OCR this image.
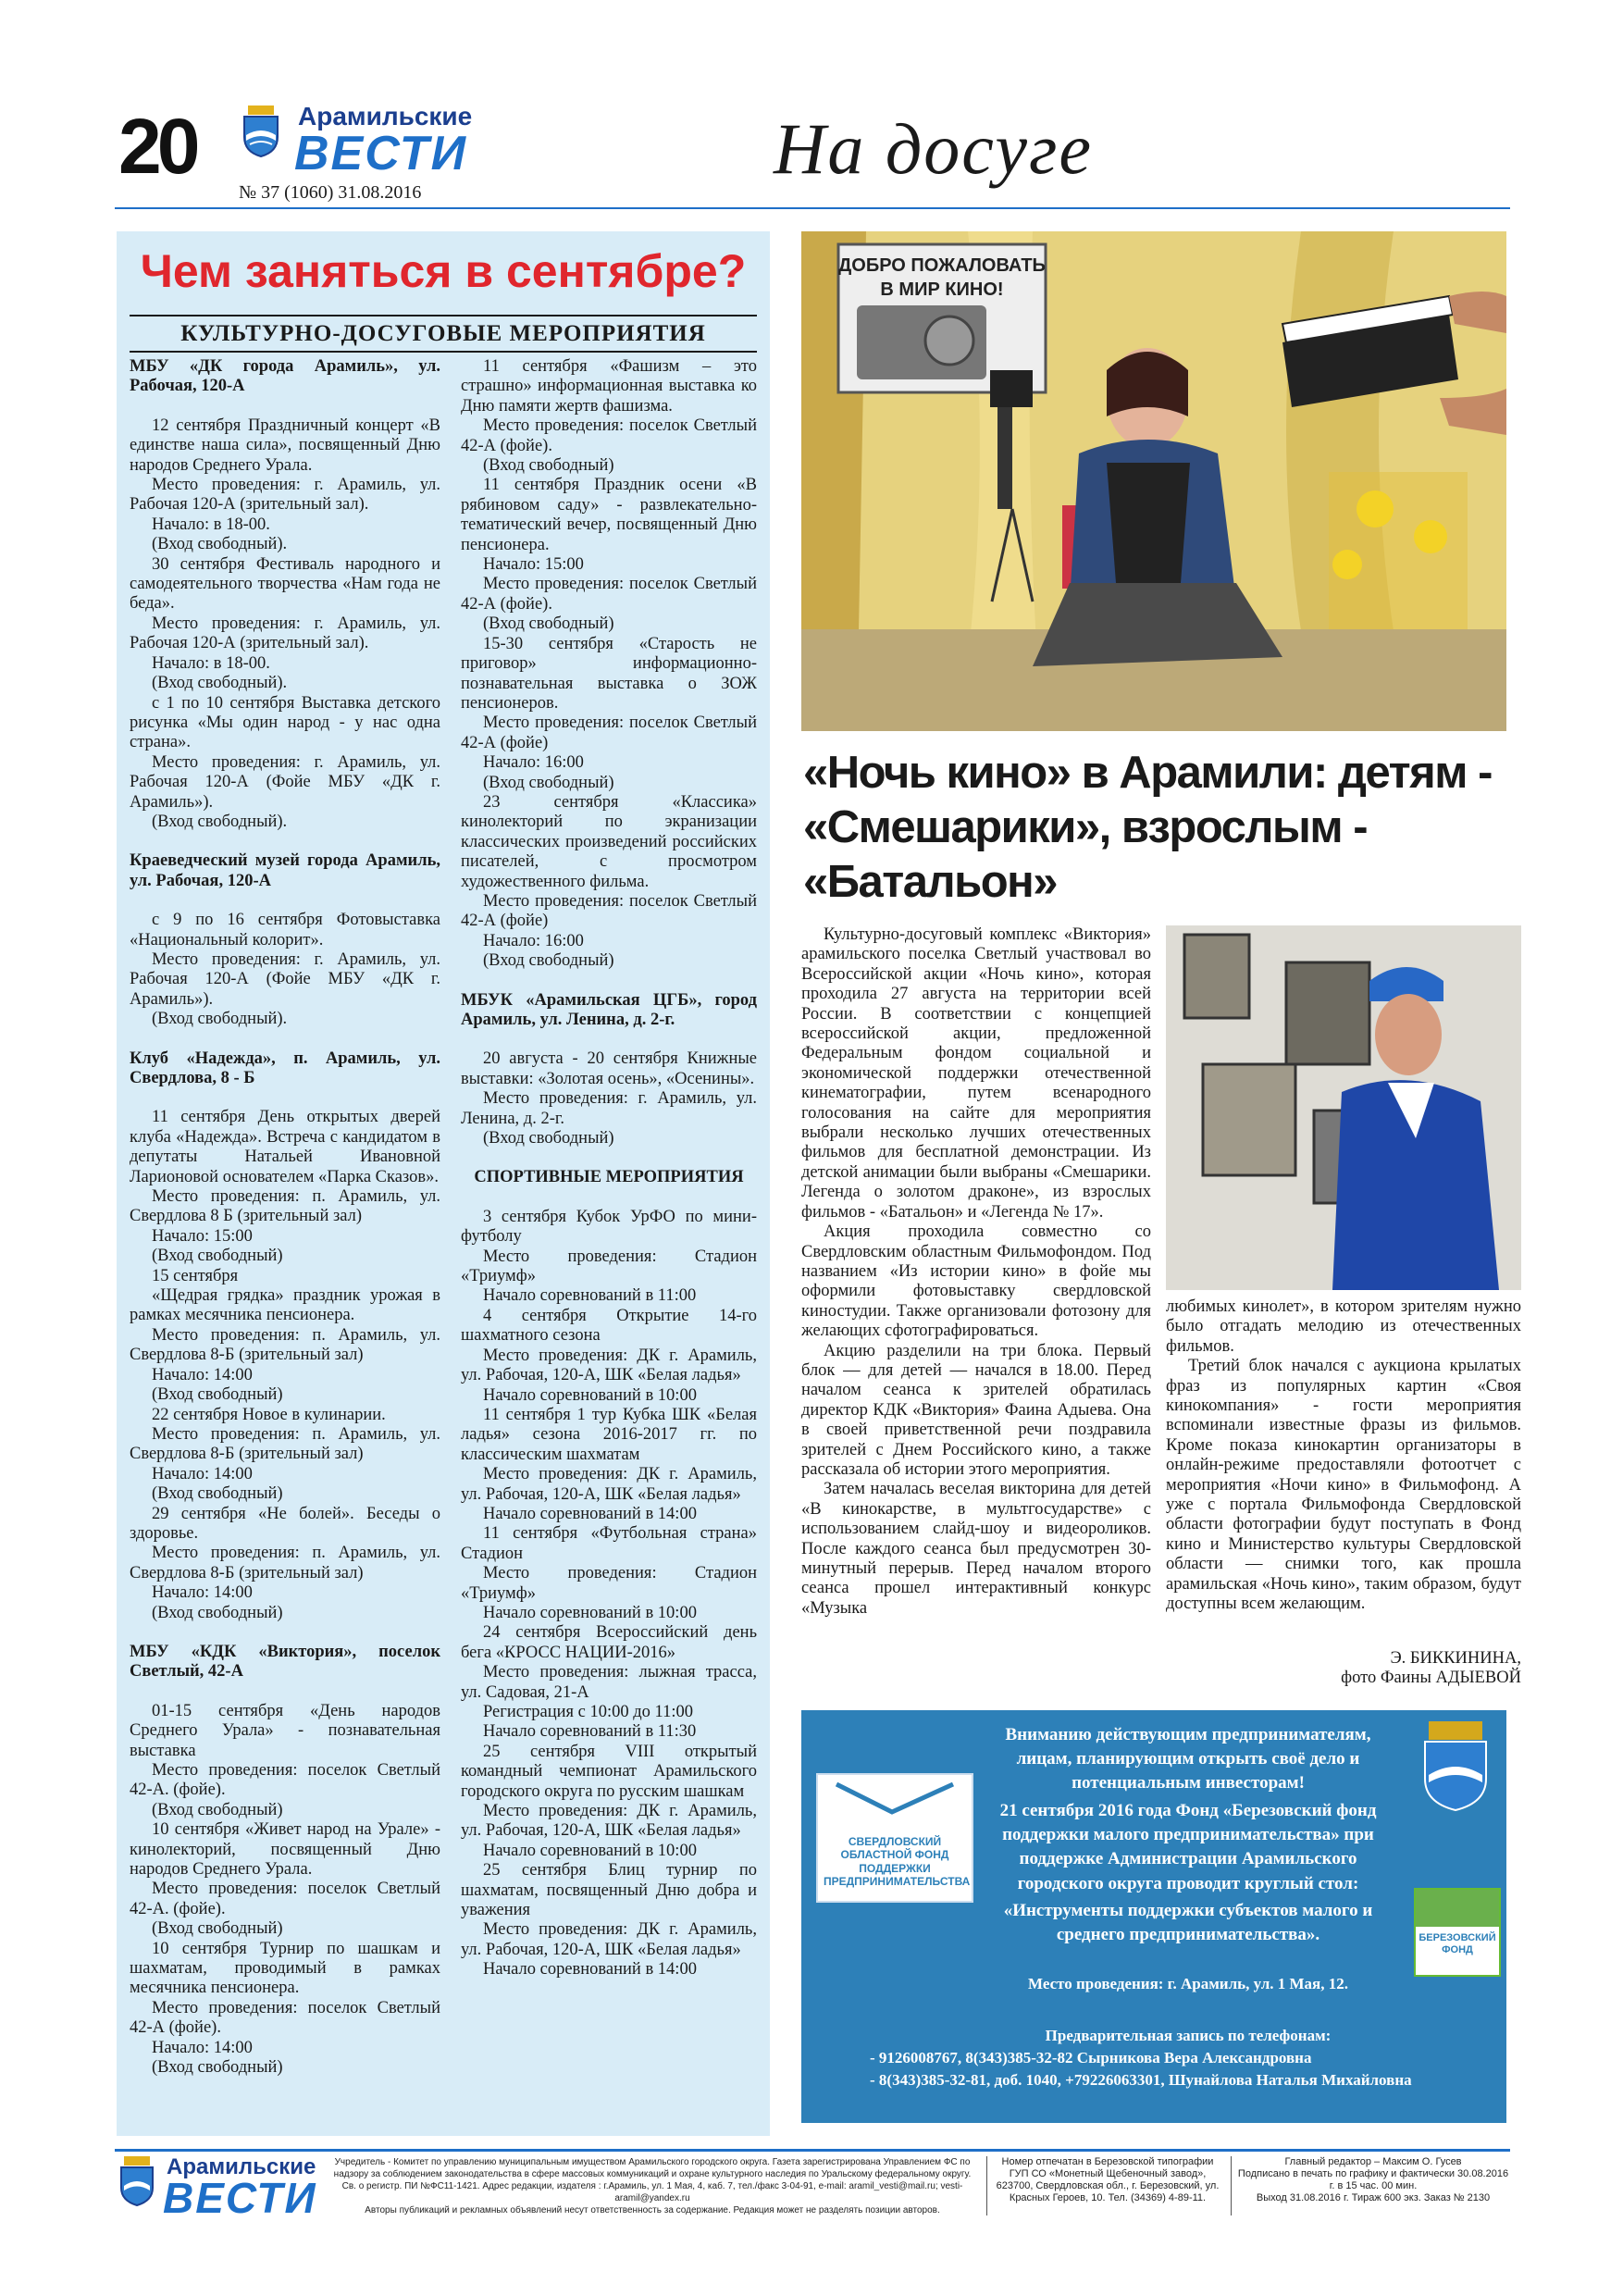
20	Арамильские
ВЕСТИ
№ 37 (1060) 31.08.2016
На досуге
Чем заняться в сентябре?
КУЛЬТУРНО-ДОСУГОВЫЕ МЕРОПРИЯТИЯ

МБУ «ДК города Арамиль», ул. Рабочая, 120-А

12 сентября Праздничный концерт «В единстве наша сила», посвященный Дню народов Среднего Урала.

Место проведения: г. Арамиль, ул. Рабочая 120-А (зрительный зал).

Начало: в 18-00.

(Вход свободный).

30 сентября Фестиваль народного и самодеятельного творчества «Нам года не беда».

Место проведения: г. Арамиль, ул. Рабочая 120-А (зрительный зал).

Начало: в 18-00.

(Вход свободный).

с 1 по 10 сентября Выставка детского рисунка «Мы один народ - у нас одна страна».

Место проведения: г. Арамиль, ул. Рабочая 120-А (Фойе МБУ «ДК г. Арамиль»).

(Вход свободный).

Краеведческий музей города Арамиль, ул. Рабочая, 120-А

с 9 по 16 сентября Фотовыставка «Национальный колорит».

Место проведения: г. Арамиль, ул. Рабочая 120-А (Фойе МБУ «ДК г. Арамиль»).

(Вход свободный).

Клуб «Надежда», п. Арамиль, ул. Свердлова, 8 - Б

11 сентября День открытых дверей клуба «Надежда». Встреча с кандидатом в депутаты Натальей Ивановной Ларионовой основателем «Парка Сказов».

Место проведения: п. Арамиль, ул. Свердлова 8 Б (зрительный зал)

Начало: 15:00

(Вход свободный)

15 сентября

«Щедрая грядка» праздник урожая в рамках месячника пенсионера.

Место проведения: п. Арамиль, ул. Свердлова 8-Б (зрительный зал)

Начало: 14:00

(Вход свободный)

22 сентября Новое в кулинарии.

Место проведения: п. Арамиль, ул. Свердлова 8-Б (зрительный зал)

Начало: 14:00

(Вход свободный)

29 сентября «Не болей». Беседы о здоровье.

Место проведения: п. Арамиль, ул. Свердлова 8-Б (зрительный зал)

Начало: 14:00

(Вход свободный)

МБУ «КДК «Виктория», поселок Светлый, 42-А

01-15 сентября «День народов Среднего Урала» - познавательная выставка

Место проведения: поселок Светлый 42-А. (фойе).

(Вход свободный)

10 сентября «Живет народ на Урале» - кинолекторий, посвященный Дню народов Среднего Урала.

Место проведения: поселок Светлый 42-А. (фойе).

(Вход свободный)

10 сентября Турнир по шашкам и шахматам, проводимый в рамках месячника пенсионера.

Место проведения: поселок Светлый 42-А (фойе).

Начало: 14:00

(Вход свободный)

11 сентября «Фашизм – это страшно» информационная выставка ко Дню памяти жертв фашизма.

Место проведения: поселок Светлый 42-А (фойе).

(Вход свободный)

11 сентября Праздник осени «В рябиновом саду» - развлекательно-тематический вечер, посвященный Дню пенсионера.

Начало: 15:00

Место проведения: поселок Светлый 42-А (фойе).

(Вход свободный)

15-30 сентября «Старость не приговор» информационно-познавательная выставка о ЗОЖ пенсионеров.

Место проведения: поселок Светлый 42-А (фойе)

Начало: 16:00

(Вход свободный)

23 сентября «Классика» кинолекторий по экранизации классических произведений российских писателей, с просмотром художественного фильма.

Место проведения: поселок Светлый 42-А (фойе)

Начало: 16:00

(Вход свободный)

МБУК «Арамильская ЦГБ», город Арамиль, ул. Ленина, д. 2-г.

20 августа - 20 сентября Книжные выставки: «Золотая осень», «Осенины».

Место проведения: г. Арамиль, ул. Ленина, д. 2-г.

(Вход свободный)

СПОРТИВНЫЕ МЕРОПРИЯТИЯ

3 сентября Кубок УрФО по мини-футболу

Место проведения: Стадион «Триумф»

Начало соревнований в 11:00

4 сентября Открытие 14-го шахматного сезона

Место проведения: ДК г. Арамиль, ул. Рабочая, 120-А, ШК «Белая ладья»

Начало соревнований в 10:00

11 сентября 1 тур Кубка ШК «Белая ладья» сезона 2016-2017 гг. по классическим шахматам

Место проведения: ДК г. Арамиль, ул. Рабочая, 120-А, ШК «Белая ладья»

Начало соревнований в 14:00

11 сентября «Футбольная страна» Стадион

Место проведения: Стадион «Триумф»

Начало соревнований в 10:00

24 сентября Всероссийский день бега «КРОСС НАЦИИ-2016»

Место проведения: лыжная трасса, ул. Садовая, 21-А

Регистрация с 10:00 до 11:00

Начало соревнований в 11:30

25 сентября VIII открытый командный чемпионат Арамильского городского округа по русским шашкам

Место проведения: ДК г. Арамиль, ул. Рабочая, 120-А, ШК «Белая ладья»

Начало соревнований в 10:00

25 сентября Блиц турнир по шахматам, посвященный Дню добра и уважения

Место проведения: ДК г. Арамиль, ул. Рабочая, 120-А, ШК «Белая ладья»

Начало соревнований в 14:00

ДОБРО ПОЖАЛОВАТЬ В МИР КИНО!
«Ночь кино» в Арамили: детям - «Смешарики», взрослым - «Батальон»

Культурно-досуговый комплекс «Виктория» арамильского поселка Светлый участвовал во Всероссийской акции «Ночь кино», которая проходила 27 августа на территории всей России. В соответствии с концепцией всероссийской акции, предложенной Федеральным фондом социальной и экономической поддержки отечественной кинематографии, путем всенародного голосования на сайте для мероприятия выбрали несколько лучших отечественных фильмов для бесплатной демонстрации. Из детской анимации были выбраны «Смешарики. Легенда о золотом драконе», из взрослых фильмов - «Батальон» и «Легенда № 17».

Акция проходила совместно со Свердловским областным Фильмофондом. Под названием «Из истории кино» в фойе мы оформили фотовыставку свердловской киностудии. Также организовали фотозону для желающих сфотографироваться.

Акцию разделили на три блока. Первый блок — для детей — начался в 18.00. Перед началом сеанса к зрителей обратилась директор КДК «Виктория» Фаина Адыева. Она в своей приветственной речи поздравила зрителей с Днем Российского кино, а также рассказала об истории этого мероприятия.

Затем началась веселая викторина для детей «В кинокарстве, в мультгосударстве» с использованием слайд-шоу и видеороликов. После каждого сеанса был предусмотрен 30-минутный перерыв. Перед началом второго сеанса прошел интерактивный конкурс «Музыка

любимых кинолет», в котором зрителям нужно было отгадать мелодию из отечественных фильмов.

Третий блок начался с аукциона крылатых фраз из популярных картин «Своя кинокомпания» - гости мероприятия вспоминали известные фразы из фильмов. Кроме показа кинокартин организаторы в онлайн-режиме предоставляли фотоотчет с мероприятия «Ночи кино» в Фильмофонд. А уже с портала Фильмофонда Свердловской области фотографии будут поступать в Фонд кино и Министерство культуры Свердловской области — снимки того, как прошла арамильская «Ночь кино», таким образом, будут доступны всем желающим.

Э. БИККИНИНА,
фото Фаины АДЫЕВОЙ
СВЕРДЛОВСКИЙ ОБЛАСТНОЙ ФОНД ПОДДЕРЖКИ ПРЕДПРИНИМАТЕЛЬСТВА
БЕРЕЗОВСКИЙ ФОНД
Вниманию действующим предпринимателям, лицам, планирующим открыть своё дело и потенциальным инвесторам!
21 сентября 2016 года Фонд «Березовский фонд поддержки малого предпринимательства» при поддержке Администрации Арамильского городского округа проводит круглый стол:
«Инструменты поддержки субъектов малого и среднего предпринимательства».
Место проведения: г. Арамиль, ул. 1 Мая, 12.
Предварительная запись по телефонам:
- 9126008767, 8(343)385-32-82 Сырникова Вера Александровна
- 8(343)385-32-81, доб. 1040, +79226063301, Шунайлова Наталья Михайловна
Арамильские
ВЕСТИ
Учредитель - Комитет по управлению муниципальным имуществом Арамильского городского округа. Газета зарегистрирована Управлением ФС по надзору за соблюдением законодательства в сфере массовых коммуникаций и охране культурного наследия по Уральскому федеральному округу. Св. о регистр. ПИ №ФС11-1421. Адрес редакции, издателя : г.Арамиль, ул. 1 Мая, 4, каб. 7, тел./факс 3-04-91, e-mail: aramil_vesti@mail.ru; vesti-aramil@yandex.ru
Авторы публикаций и рекламных объявлений несут ответственность за содержание. Редакция может не разделять позиции авторов.
Номер отпечатан в Березовской типографии ГУП СО «Монетный Щебеночный завод», 623700, Свердловская обл., г. Березовский, ул. Красных Героев, 10. Тел. (34369) 4-89-11.
Главный редактор – Максим О. Гусев
Подписано в печать по графику и фактически 30.08.2016 г. в 15 час. 00 мин.
Выход 31.08.2016 г. Тираж 600 экз. Заказ № 2130
